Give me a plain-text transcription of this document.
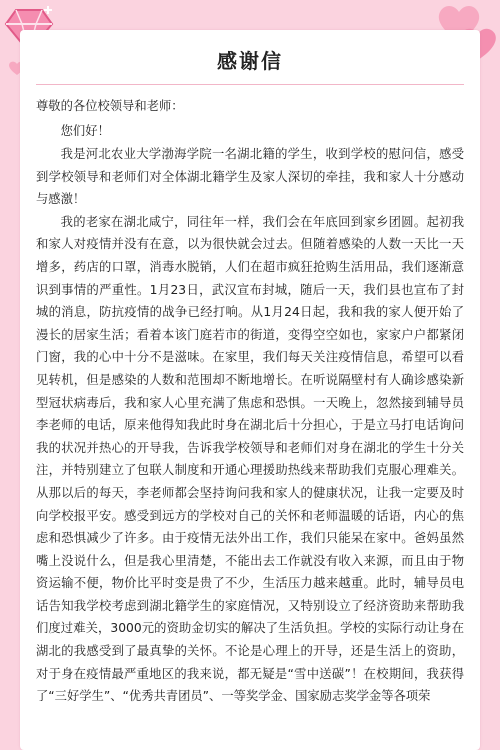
感谢信

尊敬的各位校领导和老师：

您们好！

我是河北农业大学渤海学院一名湖北籍的学生，收到学校的慰问信，感受到学校领导和老师们对全体湖北籍学生及家人深切的牵挂，我和家人十分感动与感激！

我的老家在湖北咸宁，同往年一样，我们会在年底回到家乡团圆。起初我和家人对疫情并没有在意，以为很快就会过去。但随着感染的人数一天比一天增多，药店的口罩，消毒水脱销，人们在超市疯狂抢购生活用品，我们逐渐意识到事情的严重性。1月23日，武汉宣布封城，随后一天，我们县也宣布了封城的消息，防抗疫情的战争已经打响。从1月24日起，我和我的家人便开始了漫长的居家生活；看着本该门庭若市的街道，变得空空如也，家家户户都紧闭门窗，我的心中十分不是滋味。在家里，我们每天关注疫情信息，希望可以看见转机，但是感染的人数和范围却不断地增长。在听说隔壁村有人确诊感染新型冠状病毒后，我和家人心里充满了焦虑和恐惧。一天晚上，忽然接到辅导员李老师的电话，原来他得知我此时身在湖北后十分担心，于是立马打电话询问我的状况并热心的开导我，告诉我学校领导和老师们对身在湖北的学生十分关注，并特别建立了包联人制度和开通心理援助热线来帮助我们克服心理难关。从那以后的每天，李老师都会坚持询问我和家人的健康状况，让我一定要及时向学校报平安。感受到远方的学校对自己的关怀和老师温暖的话语，内心的焦虑和恐惧减少了许多。由于疫情无法外出工作，我们只能呆在家中。爸妈虽然嘴上没说什么，但是我心里清楚，不能出去工作就没有收入来源，而且由于物资运输不便，物价比平时变是贵了不少，生活压力越来越重。此时，辅导员电话告知我学校考虑到湖北籍学生的家庭情况，又特别设立了经济资助来帮助我们度过难关，3000元的资助金切实的解决了生活负担。学校的实际行动让身在湖北的我感受到了最真挚的关怀。不论是心理上的开导，还是生活上的资助，对于身在疫情最严重地区的我来说，都无疑是“雪中送碳”！在校期间，我获得了“三好学生”、“优秀共青团员”、一等奖学金、国家励志奖学金等各项荣
